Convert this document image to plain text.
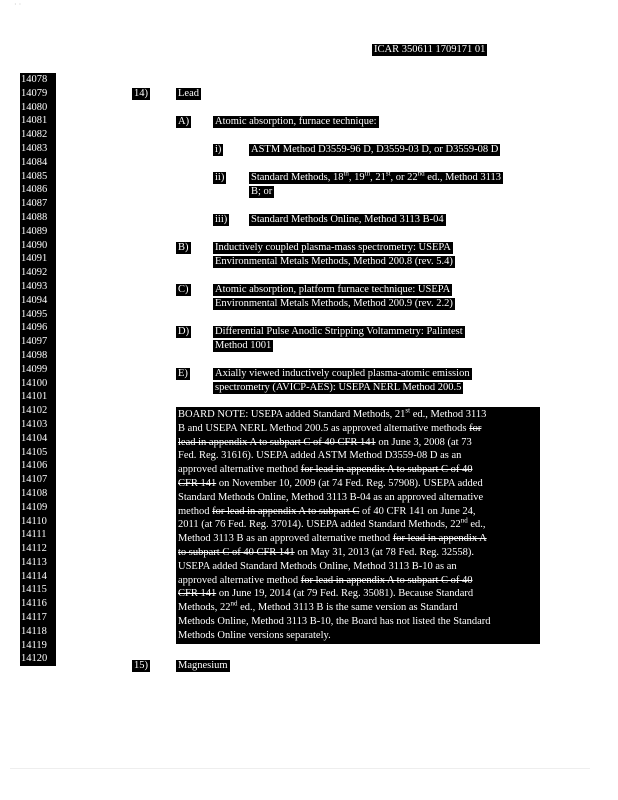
· ·
ICAR 350611 1709171 01
14078
14079
14080
14081
14082
14083
14084
14085
14086
14087
14088
14089
14090
14091
14092
14093
14094
14095
14096
14097
14098
14099
14100
14101
14102
14103
14104
14105
14106
14107
14108
14109
14110
14111
14112
14113
14114
14115
14116
14117
14118
14119
14120
14)	Lead
A) Atomic absorption, furnace technique:
i)	ASTM Method D3559-96 D, D3559-03 D, or D3559-08 D
ii)	Standard Methods, 18th, 19th, 21st, or 22nd ed., Method 3113
B; or
iii) Standard Methods Online, Method 3113 B-04
B)	Inductively coupled plasma-mass spectrometry: USEPA
Environmental Metals Methods, Method 200.8 (rev. 5.4)
C)	Atomic absorption, platform furnace technique: USEPA
Environmental Metals Methods, Method 200.9 (rev. 2.2)
D) Differential Pulse Anodic Stripping Voltammetry: Palintest
Method 1001
E)	Axially viewed inductively coupled plasma-atomic emission
spectrometry (AVICP-AES): USEPA NERL Method 200.5
BOARD NOTE: USEPA added Standard Methods, 21st ed., Method 3113
B and USEPA NERL Method 200.5 as approved alternative methods for
lead in appendix A to subpart C of 40 CFR 141 on June 3, 2008 (at 73
Fed. Reg. 31616). USEPA added ASTM Method D3559-08 D as an
approved alternative method for lead in appendix A to subpart C of 40
CFR 141 on November 10, 2009 (at 74 Fed. Reg. 57908). USEPA added
Standard Methods Online, Method 3113 B-04 as an approved alternative
method for lead in appendix A to subpart C of 40 CFR 141 on June 24,
2011 (at 76 Fed. Reg. 37014). USEPA added Standard Methods, 22nd ed.,
Method 3113 B as an approved alternative method for lead in appendix A
to subpart C of 40 CFR 141 on May 31, 2013 (at 78 Fed. Reg. 32558).
USEPA added Standard Methods Online, Method 3113 B-10 as an
approved alternative method for lead in appendix A to subpart C of 40
CFR 141 on June 19, 2014 (at 79 Fed. Reg. 35081). Because Standard
Methods, 22nd ed., Method 3113 B is the same version as Standard
Methods Online, Method 3113 B-10, the Board has not listed the Standard
Methods Online versions separately.
15)	Magnesium
